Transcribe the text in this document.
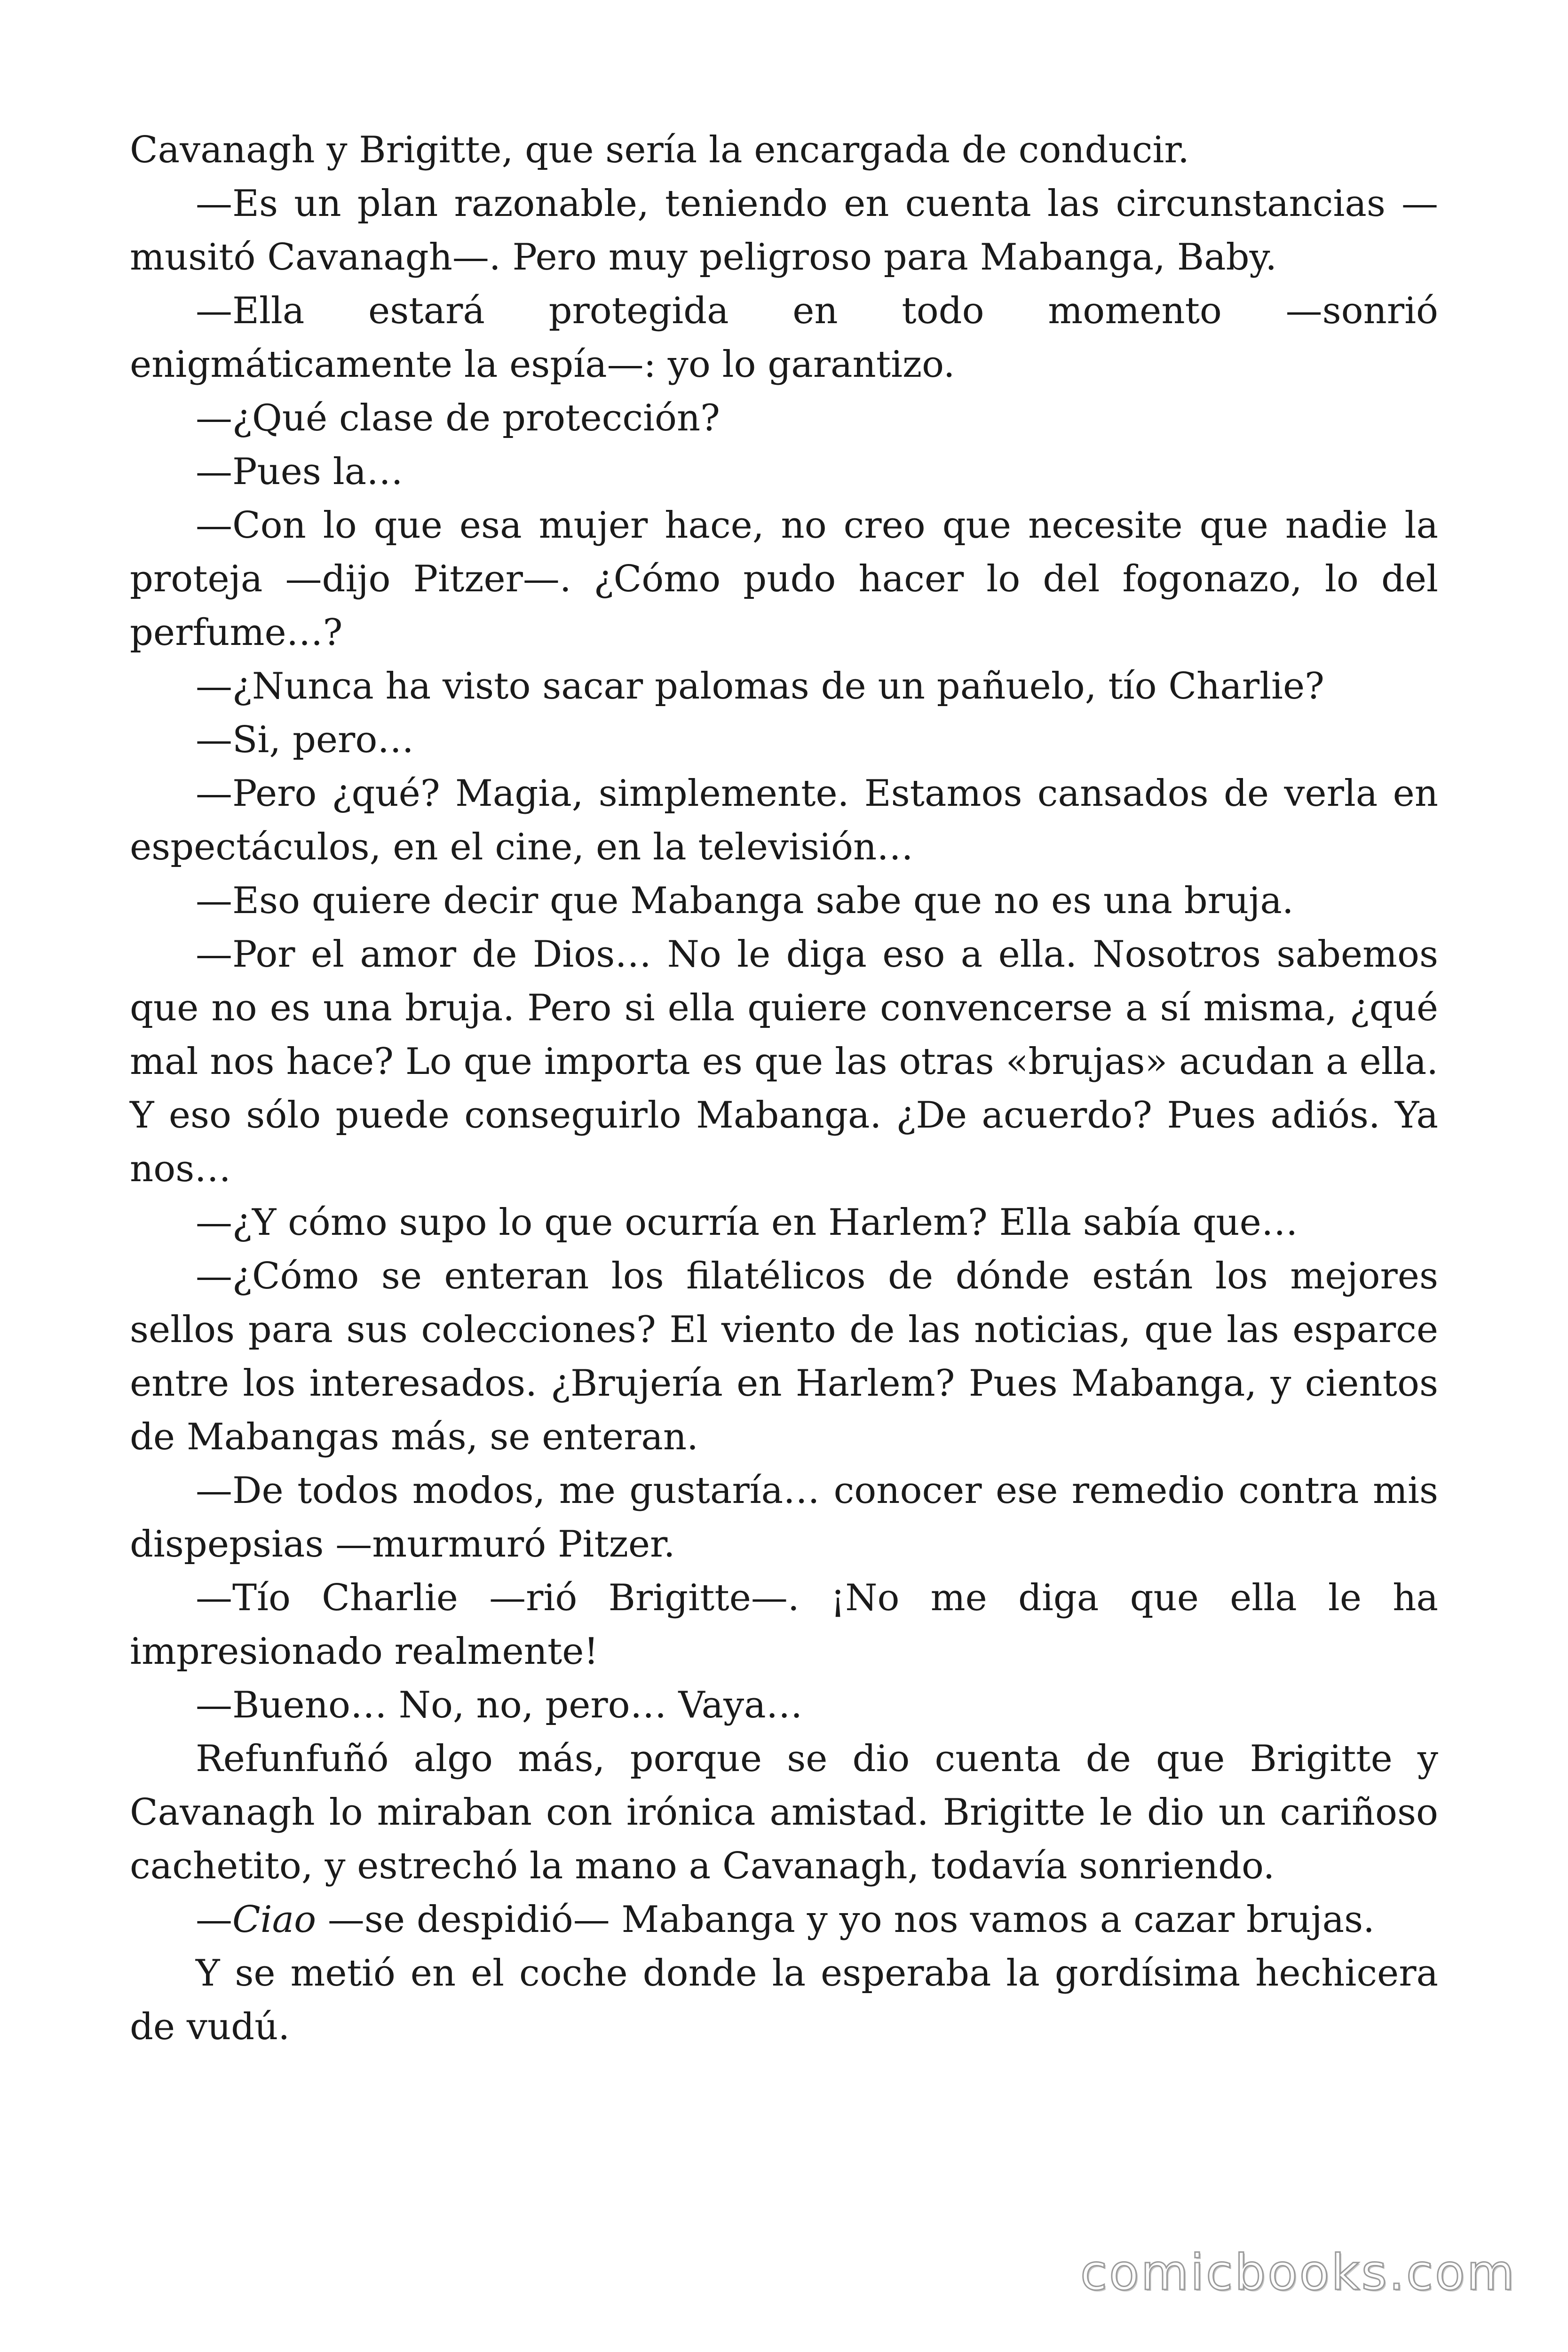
Cavanagh y Brigitte, que sería la encargada de conducir.

—Es un plan razonable, teniendo en cuenta las circunstancias —musitó Cavanagh—. Pero muy peligroso para Mabanga, Baby.

—Ella estará protegida en todo momento —sonrió enigmáticamente la espía—: yo lo garantizo.

—¿Qué clase de protección?

—Pues la…

—Con lo que esa mujer hace, no creo que necesite que nadie la proteja —dijo Pitzer—. ¿Cómo pudo hacer lo del fogonazo, lo del perfume…?

—¿Nunca ha visto sacar palomas de un pañuelo, tío Charlie?

—Si, pero…

—Pero ¿qué? Magia, simplemente. Estamos cansados de verla en espectáculos, en el cine, en la televisión…

—Eso quiere decir que Mabanga sabe que no es una bruja.

—Por el amor de Dios… No le diga eso a ella. Nosotros sabemos que no es una bruja. Pero si ella quiere convencerse a sí misma, ¿qué mal nos hace? Lo que importa es que las otras «brujas» acudan a ella. Y eso sólo puede conseguirlo Mabanga. ¿De acuerdo? Pues adiós. Ya nos…

—¿Y cómo supo lo que ocurría en Harlem? Ella sabía que…

—¿Cómo se enteran los filatélicos de dónde están los mejores sellos para sus colecciones? El viento de las noticias, que las esparce entre los interesados. ¿Brujería en Harlem? Pues Mabanga, y cientos de Mabangas más, se enteran.

—De todos modos, me gustaría… conocer ese remedio contra mis dispepsias —murmuró Pitzer.

—Tío Charlie —rió Brigitte—. ¡No me diga que ella le ha impresionado realmente!

—Bueno… No, no, pero… Vaya…

Refunfuñó algo más, porque se dio cuenta de que Brigitte y Cavanagh lo miraban con irónica amistad. Brigitte le dio un cariñoso cachetito, y estrechó la mano a Cavanagh, todavía sonriendo.

—Ciao —se despidió— Mabanga y yo nos vamos a cazar brujas.

Y se metió en el coche donde la esperaba la gordísima hechicera de vudú.

comicbooks.com
